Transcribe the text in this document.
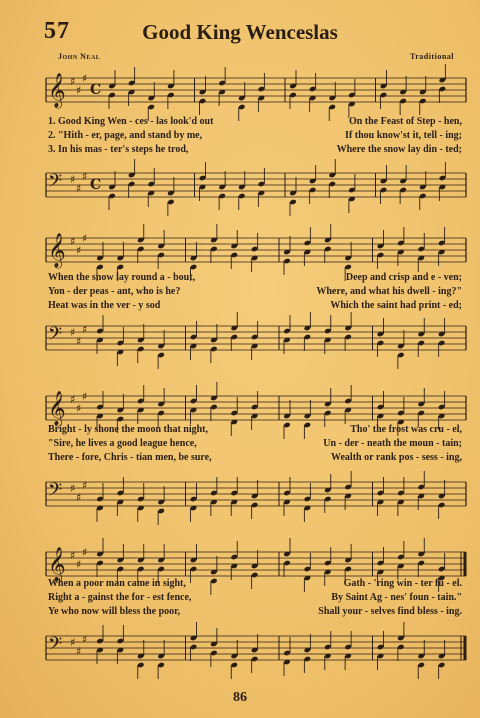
57	Good King Wenceslas
John Neal	Traditional
𝄞 ♯
♯
♯
C
1. Good King Wen - ces - las look'd out	On the Feast of Step - hen,
2. "Hith - er, page, and stand by me,	If thou know'st it, tell - ing;
3. In his mas - ter's steps he trod,	Where the snow lay din - ted;
𝄢 ♯
♯
♯
C
𝄞 ♯
♯
♯
When the snow lay round a - bout,	Deep and crisp and e - ven;
Yon - der peas - ant, who is he?	Where, and what his dwell - ing?"
Heat was in the ver - y sod	Which the saint had print - ed;
𝄢 ♯
♯
♯
𝄞 ♯
♯
♯
Bright - ly shone the moon that night,	Tho' the frost was cru - el,
"Sire, he lives a good league hence,	Un - der - neath the moun - tain;
There - fore, Chris - tian men, be sure,	Wealth or rank pos - sess - ing,
𝄢 ♯
♯
♯
𝄞 ♯
♯
♯
When a poor man came in sight,	Gath - 'ring win - ter fu - el.
Right a - gainst the for - est fence,	By Saint Ag - nes' foun - tain."
Ye who now will bless the poor,	Shall your - selves find bless - ing.
𝄢 ♯
♯
♯
86
